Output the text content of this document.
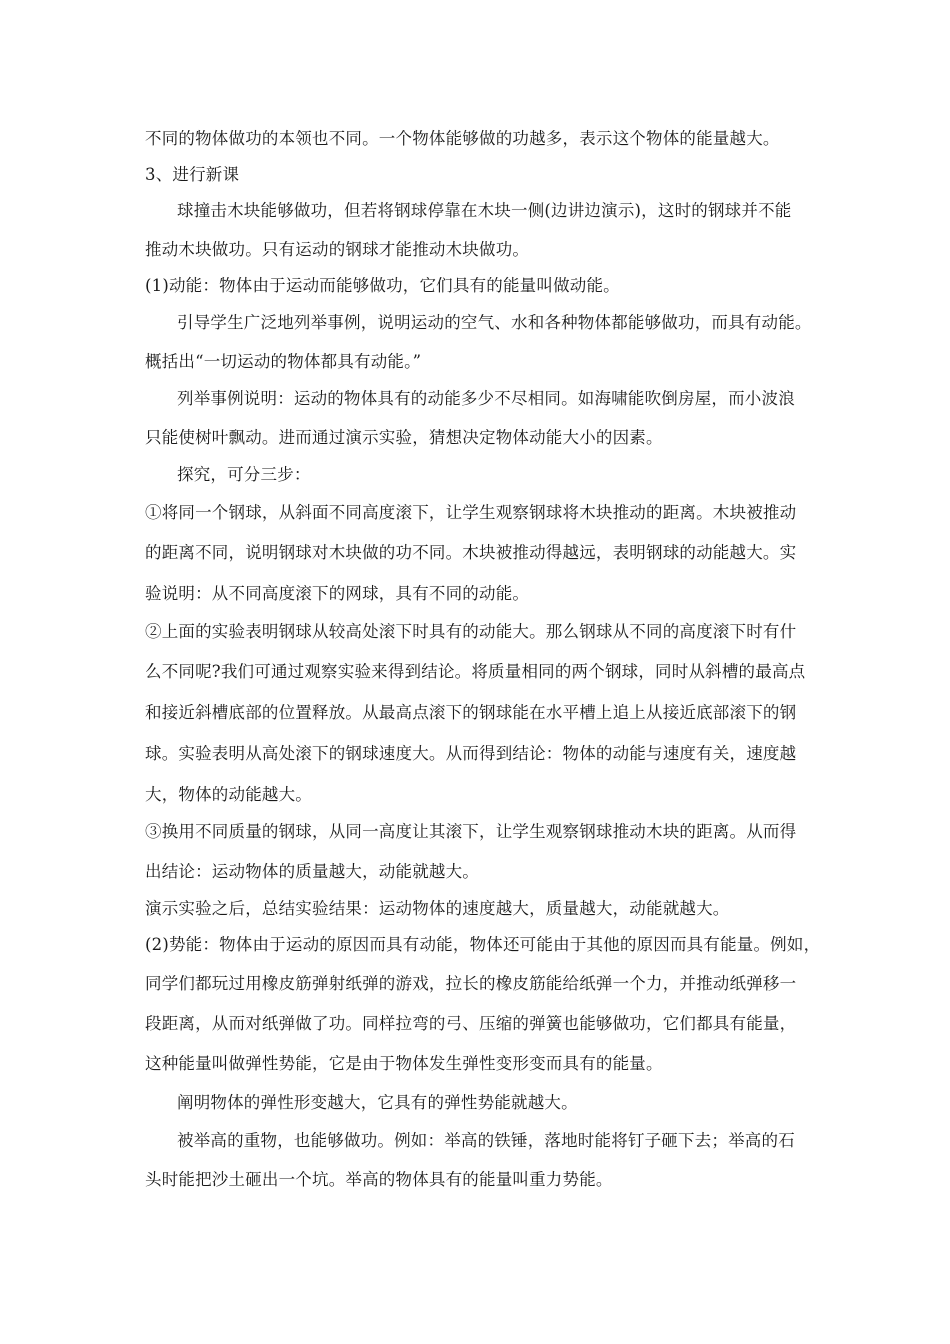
不同的物体做功的本领也不同。一个物体能够做的功越多，表示这个物体的能量越大。
3、进行新课
球撞击木块能够做功，但若将钢球停靠在木块一侧(边讲边演示)，这时的钢球并不能
推动木块做功。只有运动的钢球才能推动木块做功。
(1)动能：物体由于运动而能够做功，它们具有的能量叫做动能。
引导学生广泛地列举事例，说明运动的空气、水和各种物体都能够做功，而具有动能。
概括出“一切运动的物体都具有动能。”
列举事例说明：运动的物体具有的动能多少不尽相同。如海啸能吹倒房屋，而小波浪
只能使树叶飘动。进而通过演示实验，猜想决定物体动能大小的因素。
探究，可分三步：
①将同一个钢球，从斜面不同高度滚下，让学生观察钢球将木块推动的距离。木块被推动
的距离不同，说明钢球对木块做的功不同。木块被推动得越远，表明钢球的动能越大。实
验说明：从不同高度滚下的网球，具有不同的动能。
②上面的实验表明钢球从较高处滚下时具有的动能大。那么钢球从不同的高度滚下时有什
么不同呢?我们可通过观察实验来得到结论。将质量相同的两个钢球，同时从斜槽的最高点
和接近斜槽底部的位置释放。从最高点滚下的钢球能在水平槽上追上从接近底部滚下的钢
球。实验表明从高处滚下的钢球速度大。从而得到结论：物体的动能与速度有关，速度越
大，物体的动能越大。
③换用不同质量的钢球，从同一高度让其滚下，让学生观察钢球推动木块的距离。从而得
出结论：运动物体的质量越大，动能就越大。
演示实验之后，总结实验结果：运动物体的速度越大，质量越大，动能就越大。
(2)势能：物体由于运动的原因而具有动能，物体还可能由于其他的原因而具有能量。例如，
同学们都玩过用橡皮筋弹射纸弹的游戏，拉长的橡皮筋能给纸弹一个力，并推动纸弹移一
段距离，从而对纸弹做了功。同样拉弯的弓、压缩的弹簧也能够做功，它们都具有能量，
这种能量叫做弹性势能，它是由于物体发生弹性变形变而具有的能量。
阐明物体的弹性形变越大，它具有的弹性势能就越大。
被举高的重物，也能够做功。例如：举高的铁锤，落地时能将钉子砸下去；举高的石
头时能把沙土砸出一个坑。举高的物体具有的能量叫重力势能。
